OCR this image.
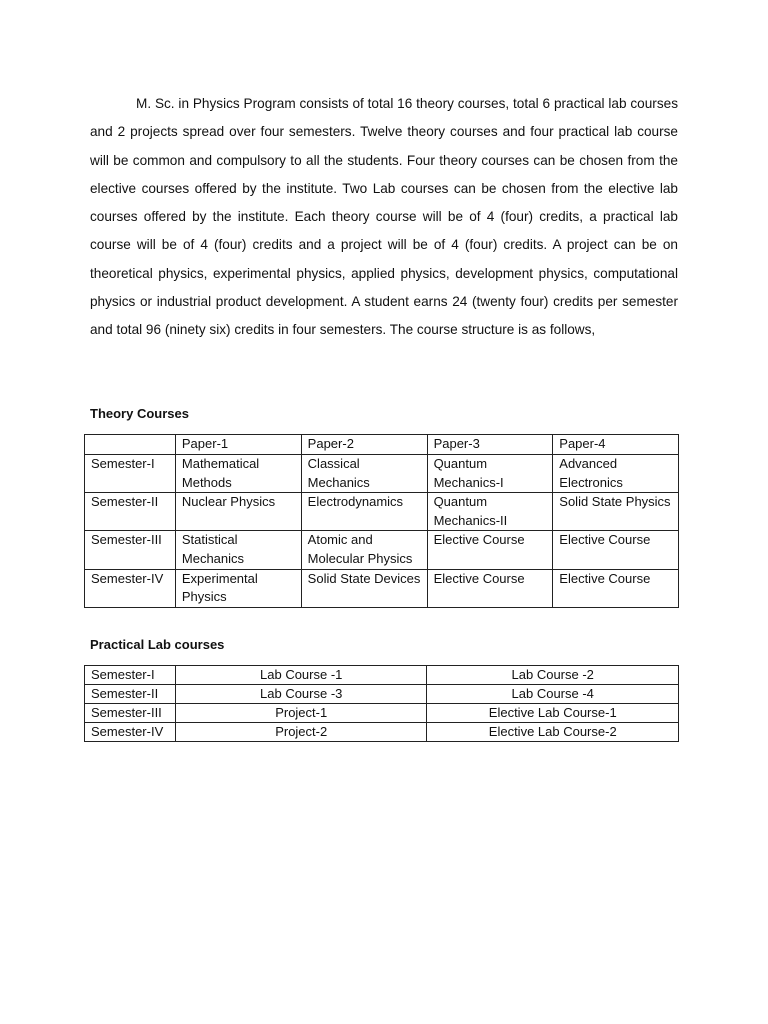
M. Sc. in Physics Program consists of total 16 theory courses, total 6 practical lab courses and 2 projects spread over four semesters. Twelve theory courses and four practical lab course will be common and compulsory to all the students. Four theory courses can be chosen from the elective courses offered by the institute. Two Lab courses can be chosen from the elective lab courses offered by the institute. Each theory course will be of 4 (four) credits, a practical lab course will be of 4 (four) credits and a project will be of 4 (four) credits. A project can be on theoretical physics, experimental physics, applied physics, development physics, computational physics or industrial product development. A student earns 24 (twenty four) credits per semester and total 96 (ninety six) credits in four semesters. The course structure is as follows,

Theory Courses

	Paper-1	Paper-2	Paper-3	Paper-4
Semester-I	Mathematical Methods	Classical Mechanics	Quantum Mechanics-I	Advanced Electronics
Semester-II	Nuclear Physics	Electrodynamics	Quantum Mechanics-II	Solid State Physics
Semester-III	Statistical Mechanics	Atomic and Molecular Physics	Elective Course	Elective Course
Semester-IV	Experimental Physics	Solid State Devices	Elective Course	Elective Course

Practical Lab courses

Semester-I	Lab Course -1	Lab Course -2
Semester-II	Lab Course -3	Lab Course -4
Semester-III	Project-1	Elective Lab Course-1
Semester-IV	Project-2	Elective Lab Course-2
